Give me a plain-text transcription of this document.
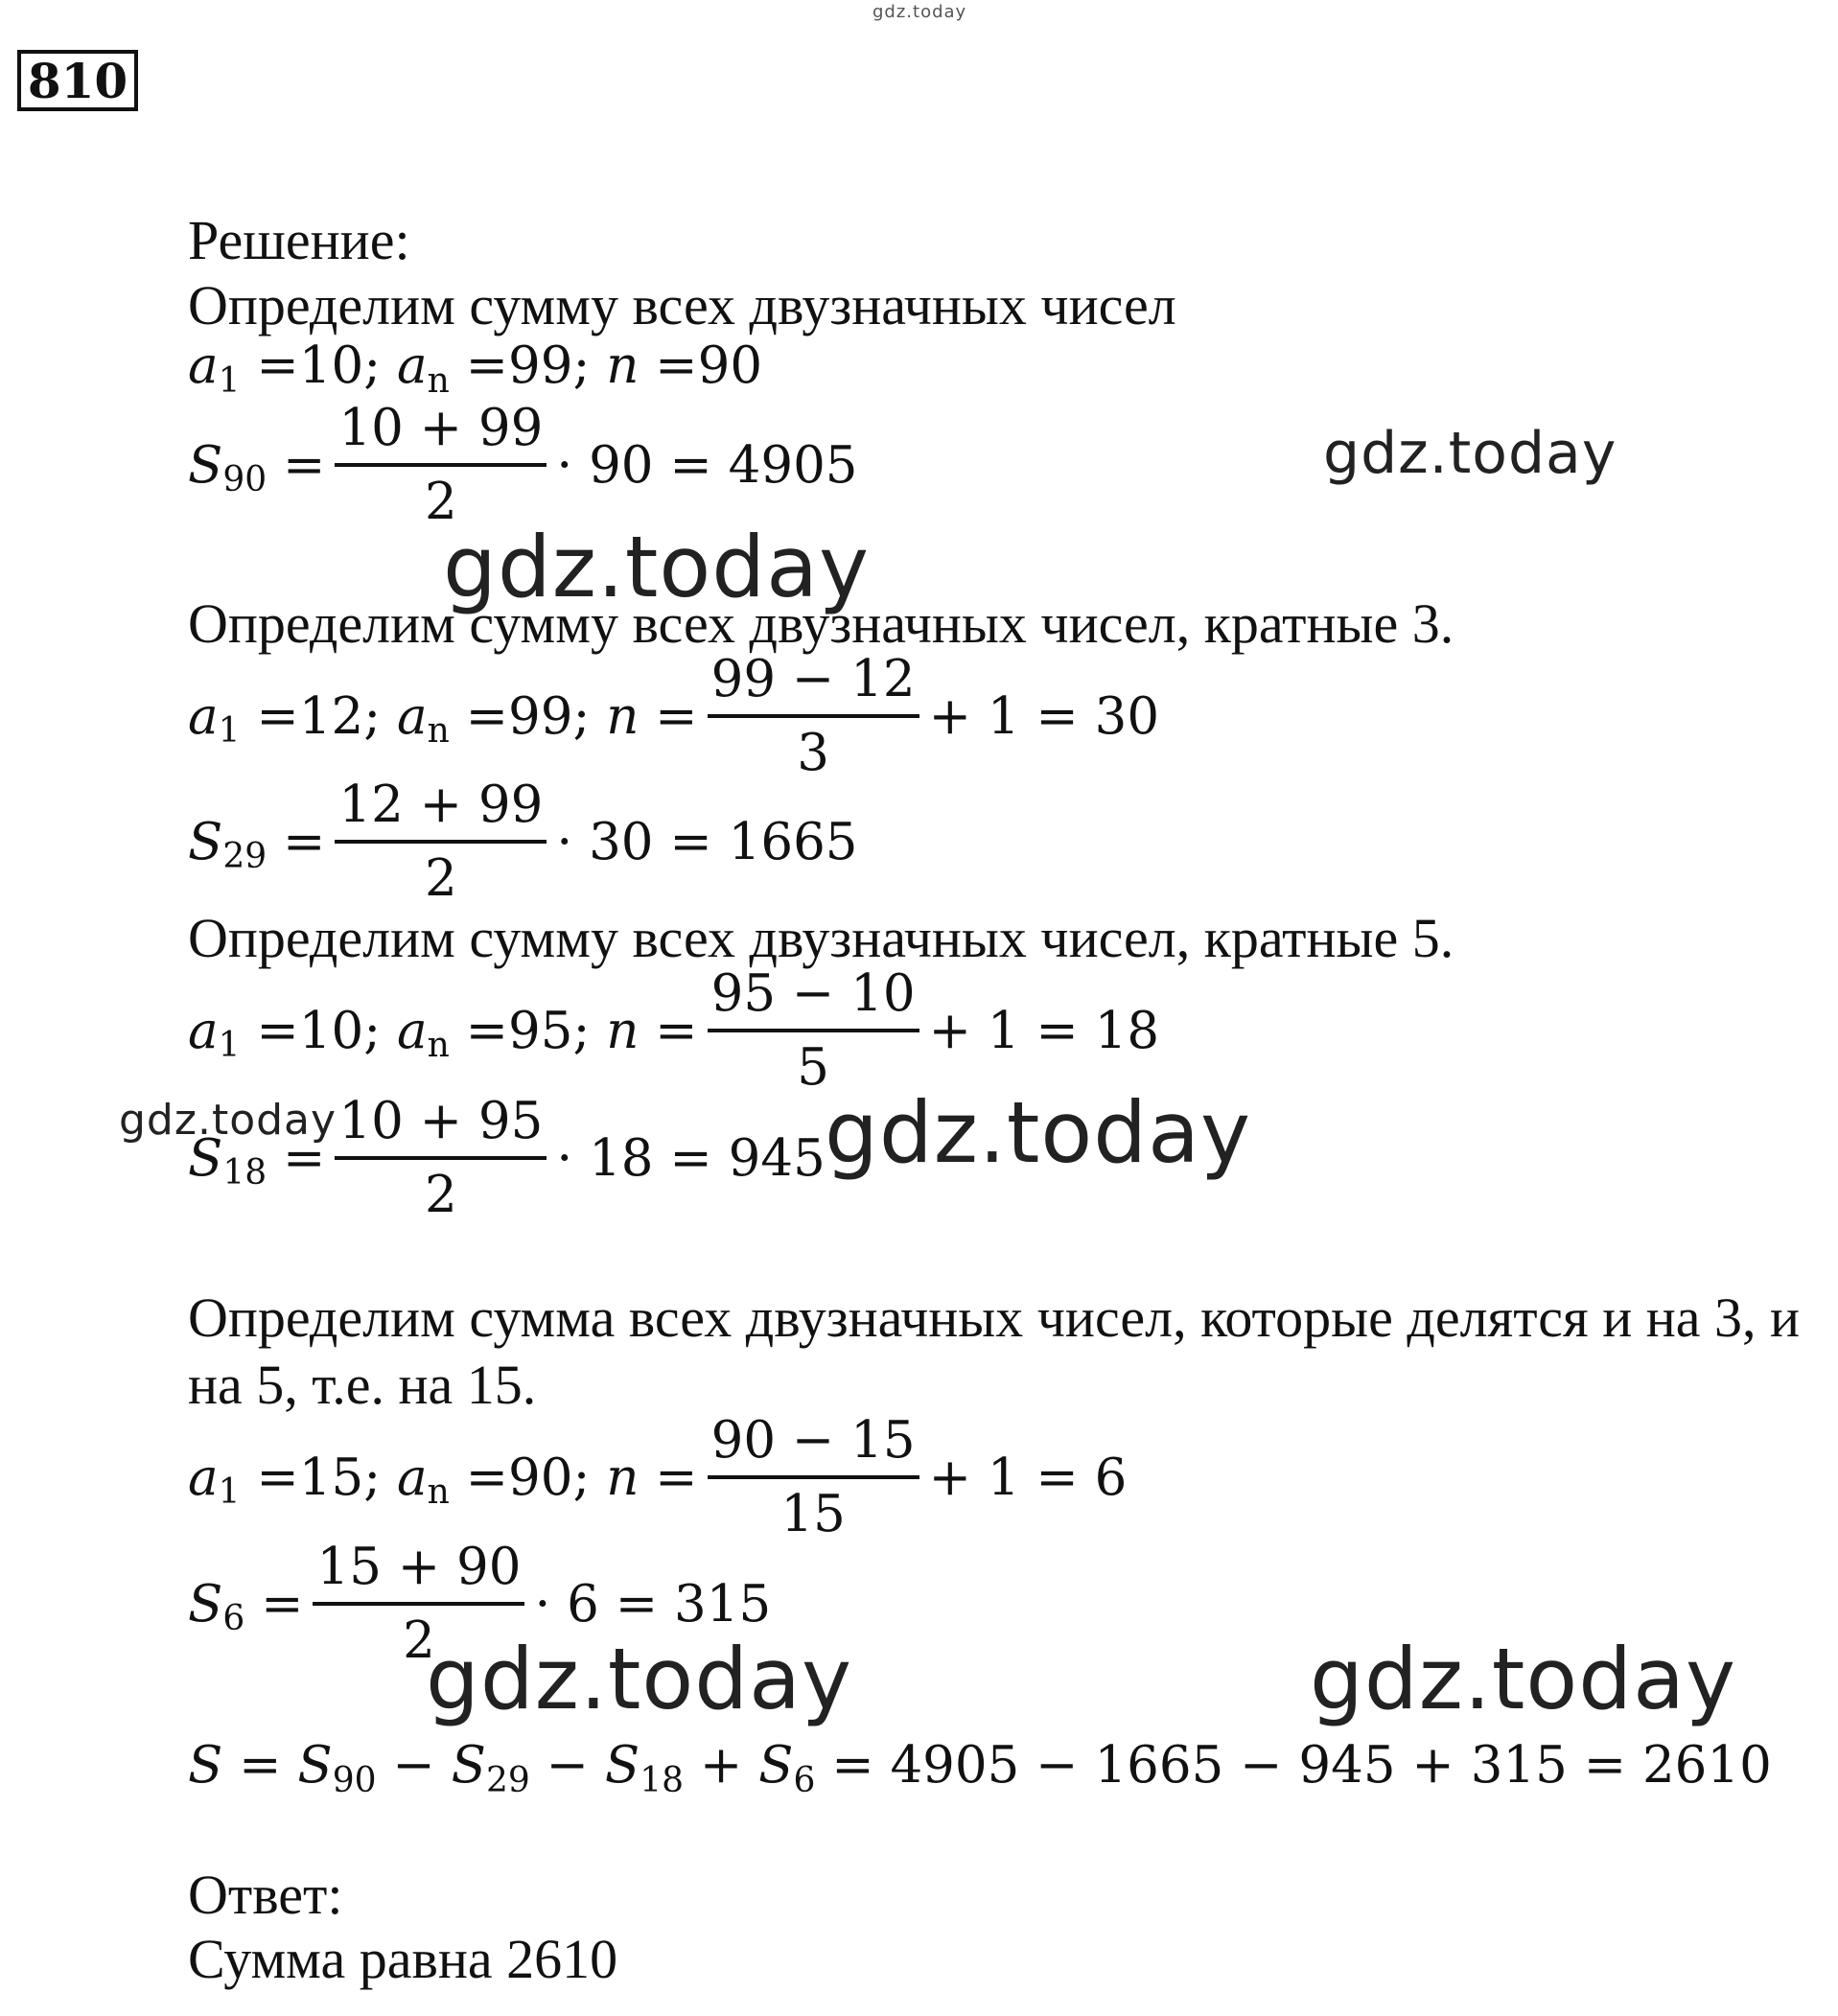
gdz.today
810
Решение:
Определим сумму всех двузначных чисел
a 1 = 10 ; a n = 99 ; n = 90
S $90 = \frac{10 + 99}{2} \cdot 90 = 4905$
Определим сумму всех двузначных чисел, кратные 3.
a 1 = 12 ; a n = 99 ; $n = \frac{99 - 12}{3} + 1 = 30$
S $29 = \frac{12 + 99}{2} \cdot 30 = 1665$
Определим сумму всех двузначных чисел, кратные 5.
a 1 = 10 ; a n = 95 ; $n = \frac{95 - 10}{5} + 1 = 18$
S $18 = \frac{10 + 95}{2} \cdot 18 = 945$
Определим сумма всех двузначных чисел, которые делятся и на 3, и
на 5, т.е. на 15.
a 1 = 15 ; a n = 90 ; $n = \frac{90 - 15}{15} + 1 = 6$
S $6 = \frac{15 + 90}{2} \cdot 6 = 315$
S = S 90 − S 29 − S 18 + S 6
= 4905 − 1665 − 945 + 315 = 2610
Ответ:
Сумма равна 2610
gdz.today
gdz.today
gdz.today	gdz.today
gdz.today	gdz.today
